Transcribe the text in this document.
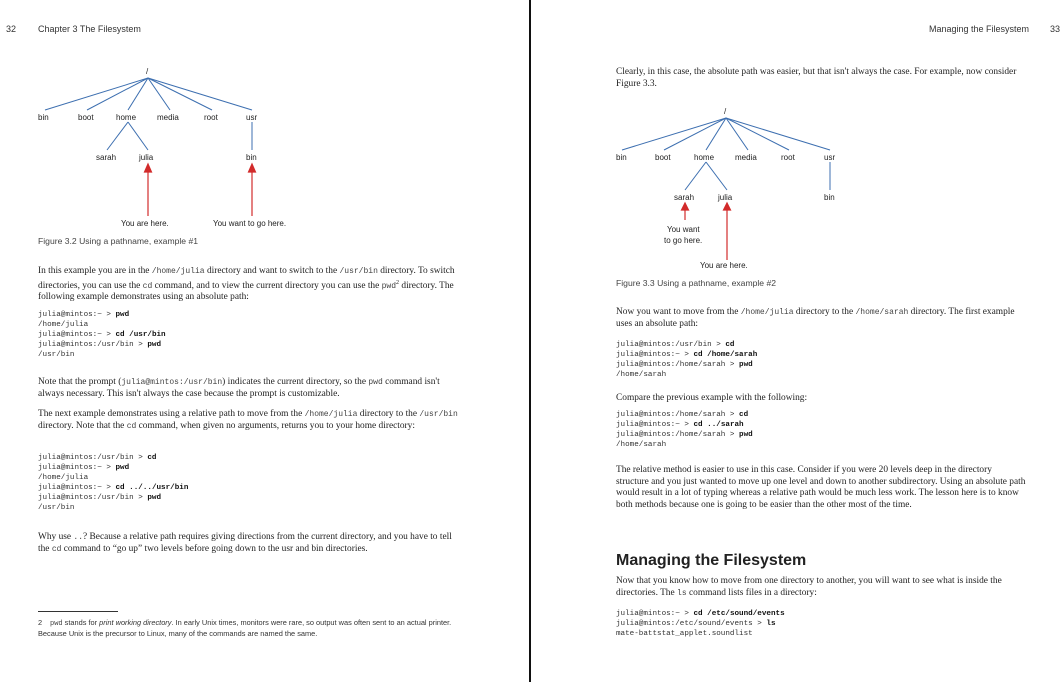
32 Chapter 3 The Filesystem
/
bin	boot	home	media	root	usr
sarah	julia	bin
You are here.	You want to go here.
Figure 3.2 Using a pathname, example #1

In this example you are in the /home/julia directory and want to switch to the /usr/bin directory. To switch directories, you can use the cd command, and to view the current directory you can use the pwd$^2$ directory. The following example demonstrates using an absolute path:

julia@mintos:~ > pwd
/home/julia
julia@mintos:~ > cd /usr/bin
julia@mintos:/usr/bin > pwd
/usr/bin

Note that the prompt (julia@mintos:/usr/bin) indicates the current directory, so the pwd command isn't always necessary. This isn't always the case because the prompt is customizable.

The next example demonstrates using a relative path to move from the /home/julia directory to the /usr/bin directory. Note that the cd command, when given no arguments, returns you to your home directory:

julia@mintos:/usr/bin > cd
julia@mintos:~ > pwd
/home/julia
julia@mintos:~ > cd ../../usr/bin
julia@mintos:/usr/bin > pwd
/usr/bin

Why use ..? Because a relative path requires giving directions from the current directory, and you have to tell the cd command to “go up” two levels before going down to the usr and bin directories.

2 pwd stands for print working directory. In early Unix times, monitors were rare, so output was often sent to an actual printer. Because Unix is the precursor to Linux, many of the commands are named the same.

Managing the Filesystem 33

Clearly, in this case, the absolute path was easier, but that isn't always the case. For example, now consider Figure 3.3.

/
bin	boot	home	media	root	usr
sarah	julia	bin
You want
to go here.
You are here.
Figure 3.3 Using a pathname, example #2

Now you want to move from the /home/julia directory to the /home/sarah directory. The first example uses an absolute path:

julia@mintos:/usr/bin > cd
julia@mintos:~ > cd /home/sarah
julia@mintos:/home/sarah > pwd
/home/sarah

Compare the previous example with the following:

julia@mintos:/home/sarah > cd
julia@mintos:~ > cd ../sarah
julia@mintos:/home/sarah > pwd
/home/sarah

The relative method is easier to use in this case. Consider if you were 20 levels deep in the directory structure and you just wanted to move up one level and down to another subdirectory. Using an absolute path would result in a lot of typing whereas a relative path would be much less work. The lesson here is to know both methods because one is going to be easier than the other most of the time.

Managing the Filesystem

Now that you know how to move from one directory to another, you will want to see what is inside the directories. The ls command lists files in a directory:

julia@mintos:~ > cd /etc/sound/events
julia@mintos:/etc/sound/events > ls
mate-battstat_applet.soundlist
